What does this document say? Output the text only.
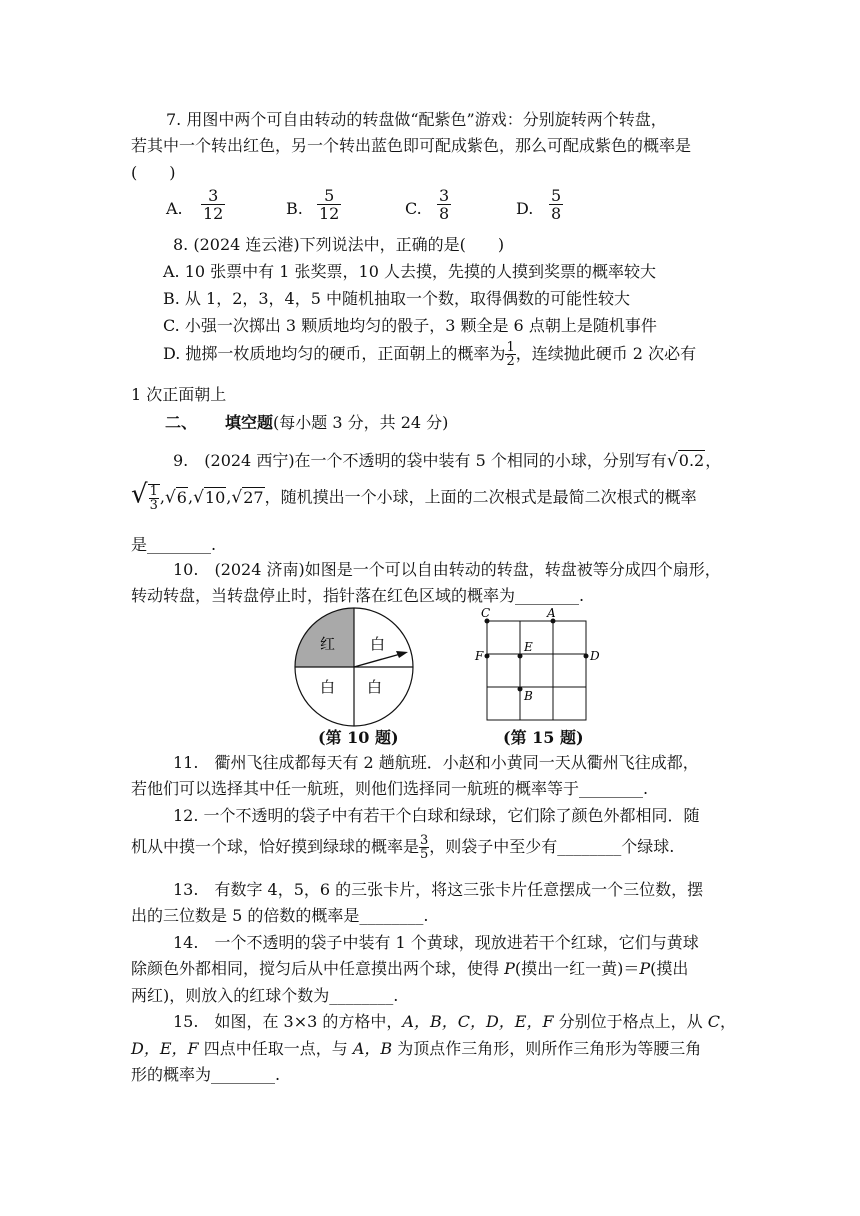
7. 用图中两个可自由转动的转盘做“配紫色”游戏：分别旋转两个转盘，
若其中一个转出红色，另一个转出蓝色即可配成紫色，那么可配成紫色的概率是
(　　)
A. $\frac{3}{12}$	B. $\frac{5}{12}$	C. $\frac{3}{8}$	D. $\frac{5}{8}$
8. (2024 连云港)下列说法中，正确的是(　　)
A. 10 张票中有 1 张奖票，10 人去摸，先摸的人摸到奖票的概率较大
B. 从 1，2，3，4，5 中随机抽取一个数，取得偶数的可能性较大
C. 小强一次掷出 3 颗质地均匀的骰子，3 颗全是 6 点朝上是随机事件
D. 抛掷一枚质地均匀的硬币，正面朝上的概率为 $\frac{1}{2}$ ，连续抛此硬币 2 次必有
1 次正面朝上
二、 填空题(每小题 3 分，共 24 分)
9.　(2024 西宁)在一个不透明的袋中装有 5 个相同的小球，分别写有√0.2，
√ $\frac{1}{3} ,√6,√10,√27$，随机摸出一个小球，上面的二次根式是最简二次根式的概率
是________.
10.　(2024 济南)如图是一个可以自由转动的转盘，转盘被等分成四个扇形，
转动转盘，当转盘停止时，指针落在红色区域的概率为________.
红 白
白 白
(第 10 题)
C	A
F
E
D
B
(第 15 题)
11.　衢州飞往成都每天有 2 趟航班．小赵和小黄同一天从衢州飞往成都，
若他们可以选择其中任一航班，则他们选择同一航班的概率等于________.
12. 一个不透明的袋子中有若干个白球和绿球，它们除了颜色外都相同．随
机从中摸一个球，恰好摸到绿球的概率是 $\frac{3}{5}$ ，则袋子中至少有________个绿球.
13.　有数字 4，5，6 的三张卡片，将这三张卡片任意摆成一个三位数，摆
出的三位数是 5 的倍数的概率是________.
14.　一个不透明的袋子中装有 1 个黄球，现放进若干个红球，它们与黄球
除颜色外都相同，搅匀后从中任意摸出两个球，使得 P(摸出一红一黄)＝P(摸出
两红)，则放入的红球个数为________.
15.　如图，在 3×3 的方格中，A，B，C，D，E，F 分别位于格点上，从 C，
D，E，F 四点中任取一点，与 A，B 为顶点作三角形，则所作三角形为等腰三角
形的概率为________.
